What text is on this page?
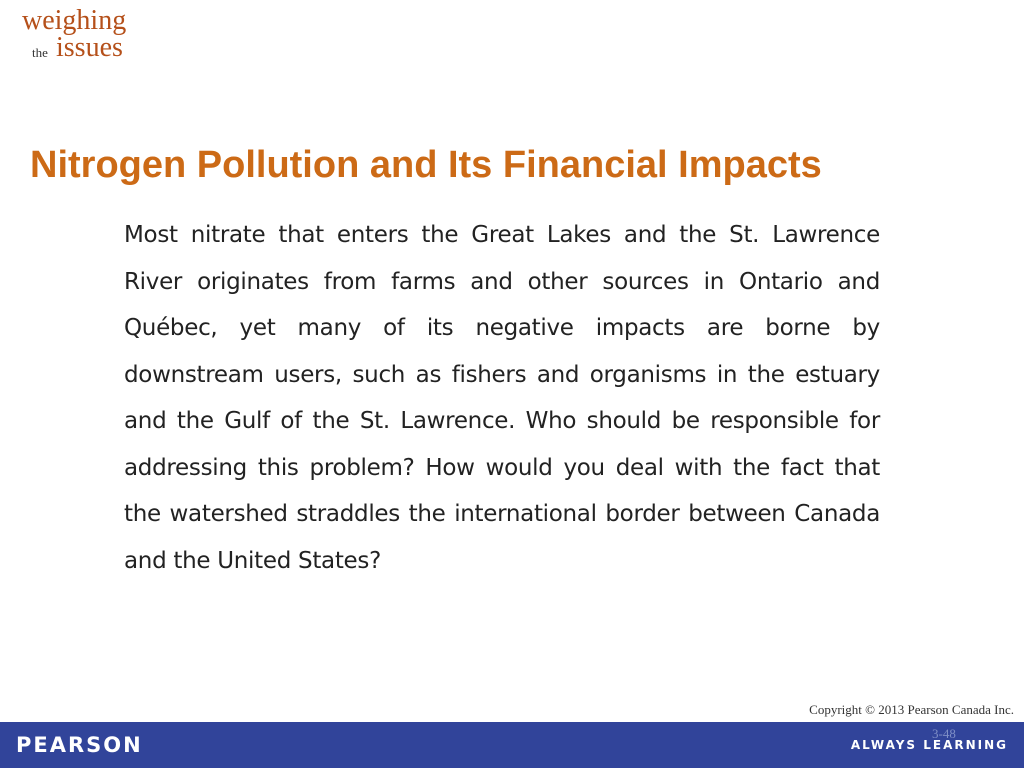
weighing
the issues
Nitrogen Pollution and Its Financial Impacts

Most nitrate that enters the Great Lakes and the St. Lawrence River originates from farms and other sources in Ontario and Québec, yet many of its negative impacts are borne by downstream users, such as fishers and organisms in the estuary and the Gulf of the St. Lawrence. Who should be responsible for addressing this problem? How would you deal with the fact that the watershed straddles the international border between Canada and the United States?

Copyright © 2013 Pearson Canada Inc.
PEARSON	3-48
ALWAYS LEARNING
